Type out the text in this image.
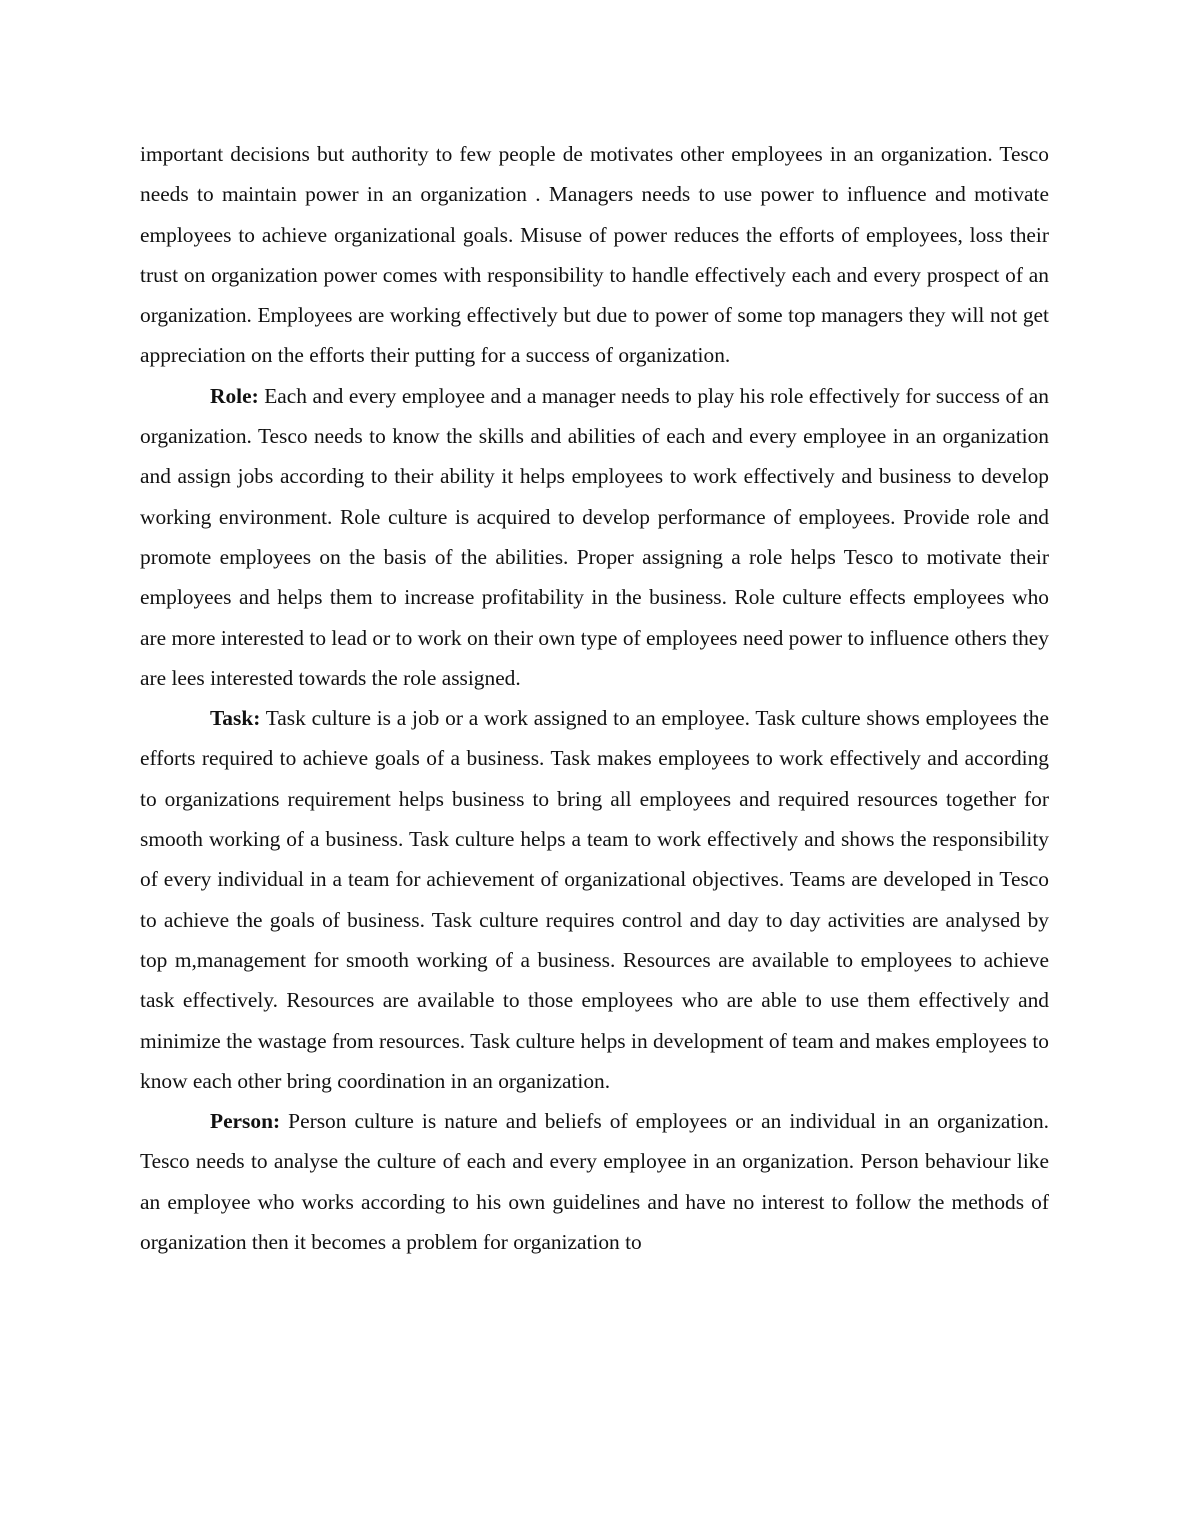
important decisions but authority to few people de motivates other employees in an organization. Tesco needs to maintain power in an organization . Managers needs to use power to influence and motivate employees to achieve organizational goals. Misuse of power reduces the efforts of employees, loss their trust on organization power comes with responsibility to handle effectively each and every prospect of an organization. Employees are working effectively but due to power of some top managers they will not get appreciation on the efforts their putting for a success of organization.

Role: Each and every employee and a manager needs to play his role effectively for success of an organization. Tesco needs to know the skills and abilities of each and every employee in an organization and assign jobs according to their ability it helps employees to work effectively and business to develop working environment. Role culture is acquired to develop performance of employees. Provide role and promote employees on the basis of the abilities. Proper assigning a role helps Tesco to motivate their employees and helps them to increase profitability in the business. Role culture effects employees who are more interested to lead or to work on their own type of employees need power to influence others they are lees interested towards the role assigned.

Task: Task culture is a job or a work assigned to an employee. Task culture shows employees the efforts required to achieve goals of a business. Task makes employees to work effectively and according to organizations requirement helps business to bring all employees and required resources together for smooth working of a business. Task culture helps a team to work effectively and shows the responsibility of every individual in a team for achievement of organizational objectives. Teams are developed in Tesco to achieve the goals of business. Task culture requires control and day to day activities are analysed by top m,management for smooth working of a business. Resources are available to employees to achieve task effectively. Resources are available to those employees who are able to use them effectively and minimize the wastage from resources. Task culture helps in development of team and makes employees to know each other bring coordination in an organization.

Person: Person culture is nature and beliefs of employees or an individual in an organization. Tesco needs to analyse the culture of each and every employee in an organization. Person behaviour like an employee who works according to his own guidelines and have no interest to follow the methods of organization then it becomes a problem for organization to
